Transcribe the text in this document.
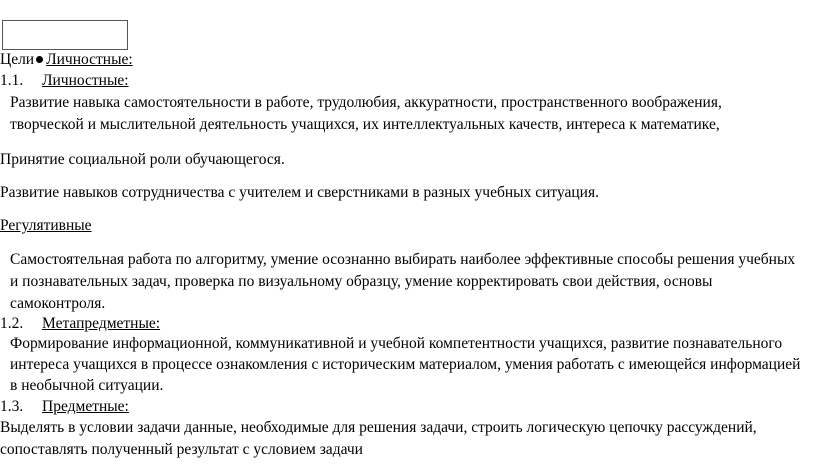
Цели Личностные:
1.1. Личностные:
Развитие навыка самостоятельности в работе, трудолюбия, аккуратности, пространственного воображения,
творческой и мыслительной деятельность учащихся, их интеллектуальных качеств, интереса к математике,
Принятие социальной роли обучающегося.
Развитие навыков сотрудничества с учителем и сверстниками в разных учебных ситуация.
Регулятивные
Самостоятельная работа по алгоритму, умение осознанно выбирать наиболее эффективные способы решения учебных
и познавательных задач, проверка по визуальному образцу, умение корректировать свои действия, основы
самоконтроля.
1.2. Метапредметные:
Формирование информационной, коммуникативной и учебной компетентности учащихся, развитие познавательного
интереса учащихся в процессе ознакомления с историческим материалом, умения работать с имеющейся информацией
в необычной ситуации.
1.3. Предметные:
Выделять в условии задачи данные, необходимые для решения задачи, строить логическую цепочку рассуждений,
сопоставлять полученный результат с условием задачи
